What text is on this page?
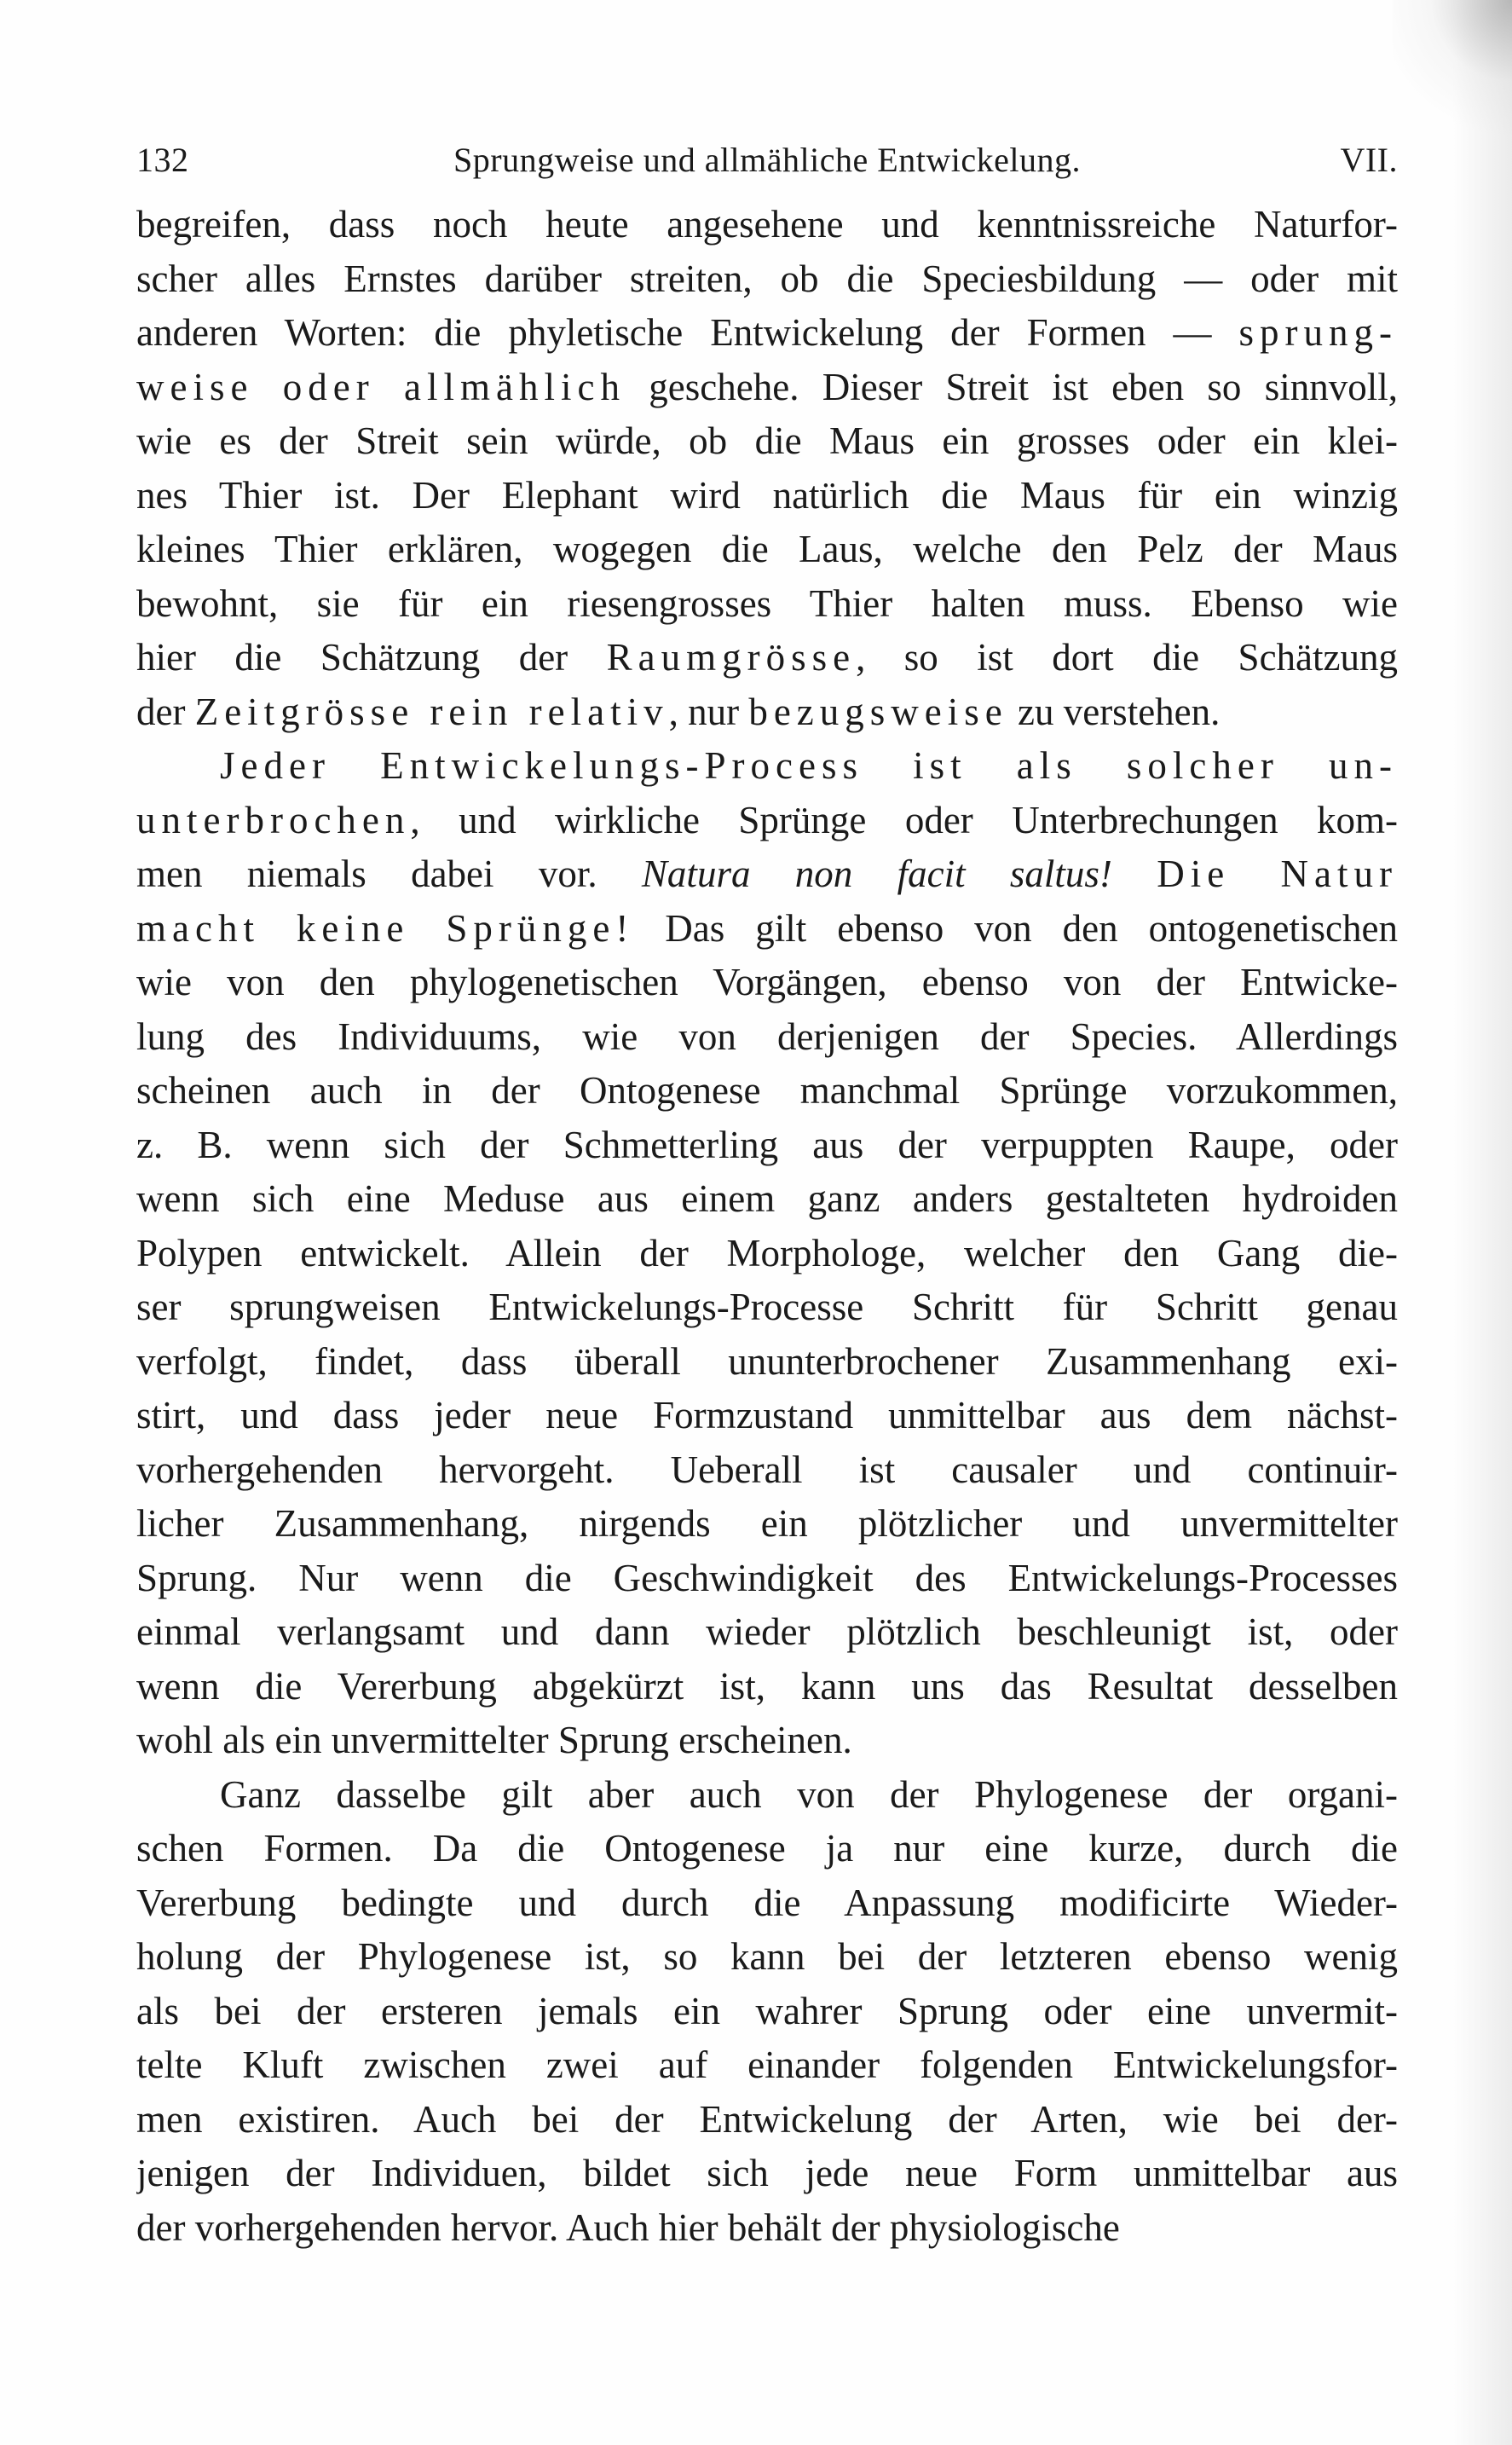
132	Sprungweise und allmähliche Entwickelung.	VII.
begreifen, dass noch heute angesehene und kenntnissreiche Naturfor-
scher alles Ernstes darüber streiten, ob die Speciesbildung — oder mit
anderen Worten: die phyletische Entwickelung der Formen — sprung-
weise oder allmählich geschehe. Dieser Streit ist eben so sinnvoll,
wie es der Streit sein würde, ob die Maus ein grosses oder ein klei-
nes Thier ist. Der Elephant wird natürlich die Maus für ein winzig
kleines Thier erklären, wogegen die Laus, welche den Pelz der Maus
bewohnt, sie für ein riesengrosses Thier halten muss. Ebenso wie
hier die Schätzung der Raumgrösse, so ist dort die Schätzung
der Zeitgrösse rein relativ, nur bezugsweise zu verstehen.
Jeder Entwickelungs-Process ist als solcher un-
unterbrochen, und wirkliche Sprünge oder Unterbrechungen kom-
men niemals dabei vor. Natura non facit saltus! Die Natur
macht keine Sprünge! Das gilt ebenso von den ontogenetischen
wie von den phylogenetischen Vorgängen, ebenso von der Entwicke-
lung des Individuums, wie von derjenigen der Species. Allerdings
scheinen auch in der Ontogenese manchmal Sprünge vorzukommen,
z. B. wenn sich der Schmetterling aus der verpuppten Raupe, oder
wenn sich eine Meduse aus einem ganz anders gestalteten hydroiden
Polypen entwickelt. Allein der Morphologe, welcher den Gang die-
ser sprungweisen Entwickelungs-Processe Schritt für Schritt genau
verfolgt, findet, dass überall ununterbrochener Zusammenhang exi-
stirt, und dass jeder neue Formzustand unmittelbar aus dem nächst-
vorhergehenden hervorgeht. Ueberall ist causaler und continuir-
licher Zusammenhang, nirgends ein plötzlicher und unvermittelter
Sprung. Nur wenn die Geschwindigkeit des Entwickelungs-Processes
einmal verlangsamt und dann wieder plötzlich beschleunigt ist, oder
wenn die Vererbung abgekürzt ist, kann uns das Resultat desselben
wohl als ein unvermittelter Sprung erscheinen.
Ganz dasselbe gilt aber auch von der Phylogenese der organi-
schen Formen. Da die Ontogenese ja nur eine kurze, durch die
Vererbung bedingte und durch die Anpassung modificirte Wieder-
holung der Phylogenese ist, so kann bei der letzteren ebenso wenig
als bei der ersteren jemals ein wahrer Sprung oder eine unvermit-
telte Kluft zwischen zwei auf einander folgenden Entwickelungsfor-
men existiren. Auch bei der Entwickelung der Arten, wie bei der-
jenigen der Individuen, bildet sich jede neue Form unmittelbar aus
der vorhergehenden hervor. Auch hier behält der physiologische
